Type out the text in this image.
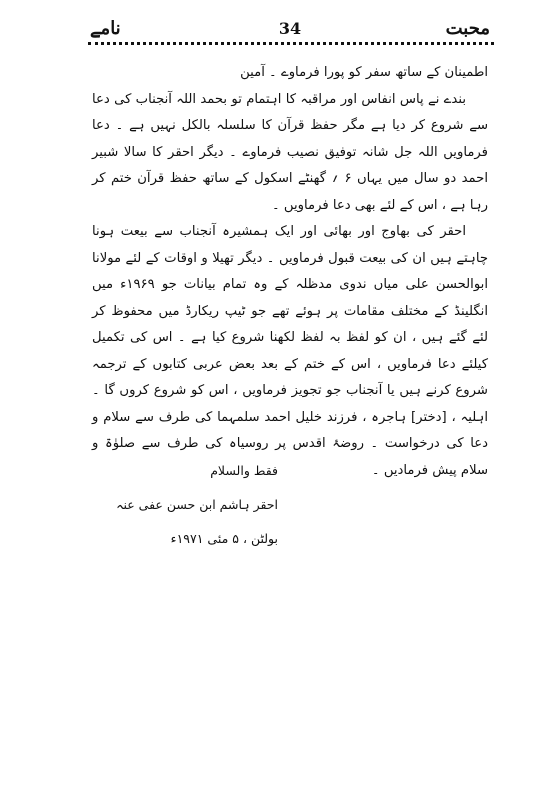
نامے	34	محبت

اطمینان کے ساتھ سفر کو پورا فرماوے ۔ آمین

بندے نے پاس انفاس اور مراقبہ کا اہتمام تو بحمد اللہ آنجناب کی دعا سے شروع کر دیا ہے مگر حفظ قرآن کا سلسلہ بالکل نہیں ہے ۔ دعا فرماویں اللہ جل شانہ توفیق نصیب فرماوے ۔ دیگر احقر کا سالا شبیر احمد دو سال میں یہاں ۶ ؍ گھنٹے اسکول کے ساتھ حفظ قرآن ختم کر رہا ہے ، اس کے لئے بھی دعا فرماویں ۔

احقر کی بھاوج اور بھائی اور ایک ہمشیرہ آنجناب سے بیعت ہونا چاہتے ہیں ان کی بیعت قبول فرماویں ۔ دیگر تھیلا و اوقات کے لئے مولانا ابوالحسن علی میاں ندوی مدظلہ کے وہ تمام بیانات جو ۱۹۶۹ء میں انگلینڈ کے مختلف مقامات پر ہوئے تھے جو ٹیپ ریکارڈ میں محفوظ کر لئے گئے ہیں ، ان کو لفظ بہ لفظ لکھنا شروع کیا ہے ۔ اس کی تکمیل کیلئے دعا فرماویں ، اس کے ختم کے بعد بعض عربی کتابوں کے ترجمہ شروع کرنے ہیں یا آنجناب جو تجویز فرماویں ، اس کو شروع کروں گا ۔ اہلیہ ، [دختر] ہاجرہ ، فرزند خلیل احمد سلمہما کی طرف سے سلام و دعا کی درخواست ۔ روضۂ اقدس پر روسیاہ کی طرف سے صلوٰۃ و سلام پیش فرمادیں ۔

فقط والسلام

احقر ہاشم ابن حسن عفی عنہ

بولٹن ، ۵ مئی ۱۹۷۱ء
